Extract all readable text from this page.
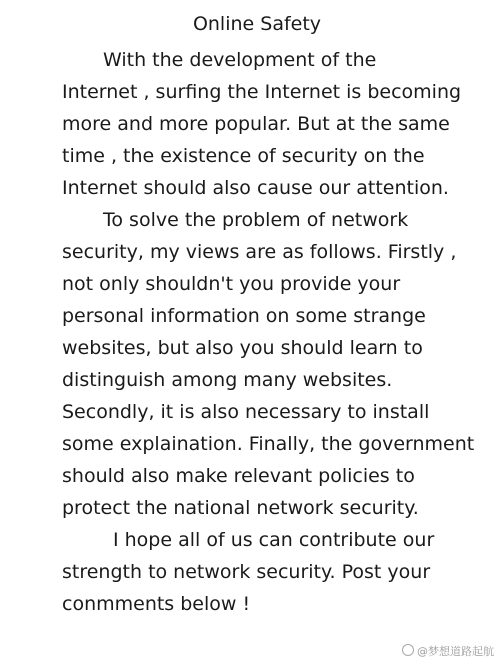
Online Safety
With the development of the
Internet , surfing the Internet is becoming
more and more popular. But at the same
time , the existence of security on the
Internet should also cause our attention.
To solve the problem of network
security, my views are as follows. Firstly ,
not only shouldn't you provide your
personal information on some strange
websites, but also you should learn to
distinguish among many websites.
Secondly, it is also necessary to install
some explaination. Finally, the government
should also make relevant policies to
protect the national network security.
I hope all of us can contribute our
strength to network security. Post your
conmments below !
@梦想道路起航
